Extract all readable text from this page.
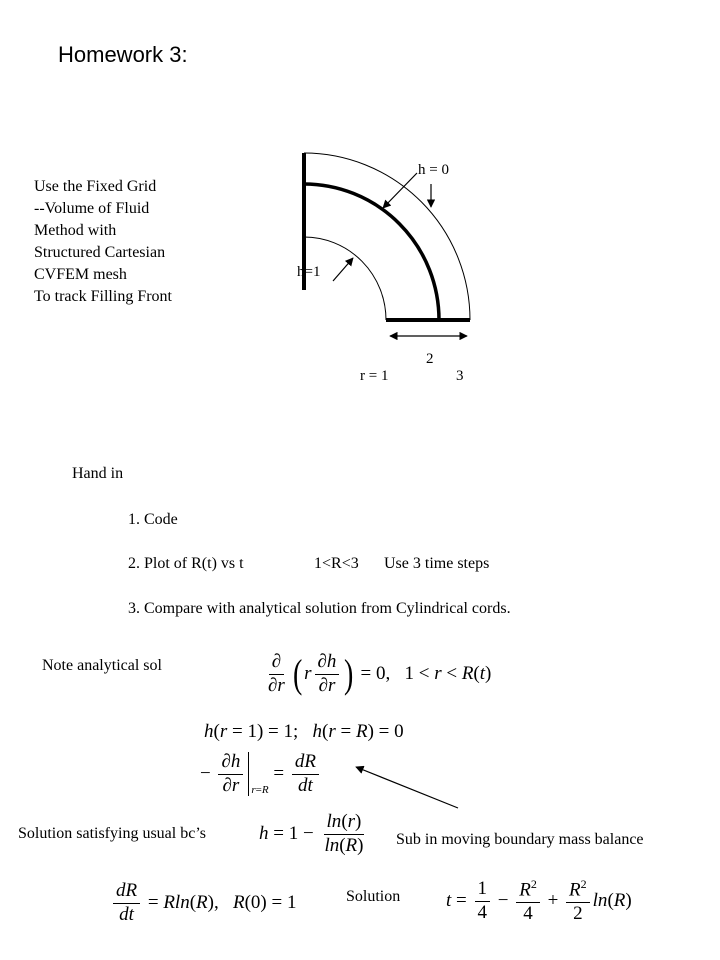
Homework 3:
Use the Fixed Grid
--Volume of Fluid
Method with
Structured Cartesian
CVFEM mesh
To track Filling Front
h = 0
h=1
2
r = 1	3
Hand in
1. Code
2. Plot of R(t) vs t	1<R<3 Use 3 time steps
3. Compare with analytical solution from Cylindrical cords.
Note analytical sol	$\frac{\partial}{\partial r}$ ( r $\frac{\partial h}{\partial r}$ ) = 0,   1 < r < R(t)
h(r = 1) = 1;   h(r = R) = 0
− $\frac{\partial h}{\partial r} _{r=R} = \frac{dR}{dt}$
Solution satisfying usual bc’s	$h = 1 - \frac{\ln(r)}{\ln(R)}$ Sub in moving boundary mass balance
$\frac{dR}{dt} = Rln(R)$,   R(0) = 1	Solution $t = \frac{1}{4} - \frac{R^2}{4} + \frac{R^2}{2} \ln(R)$
